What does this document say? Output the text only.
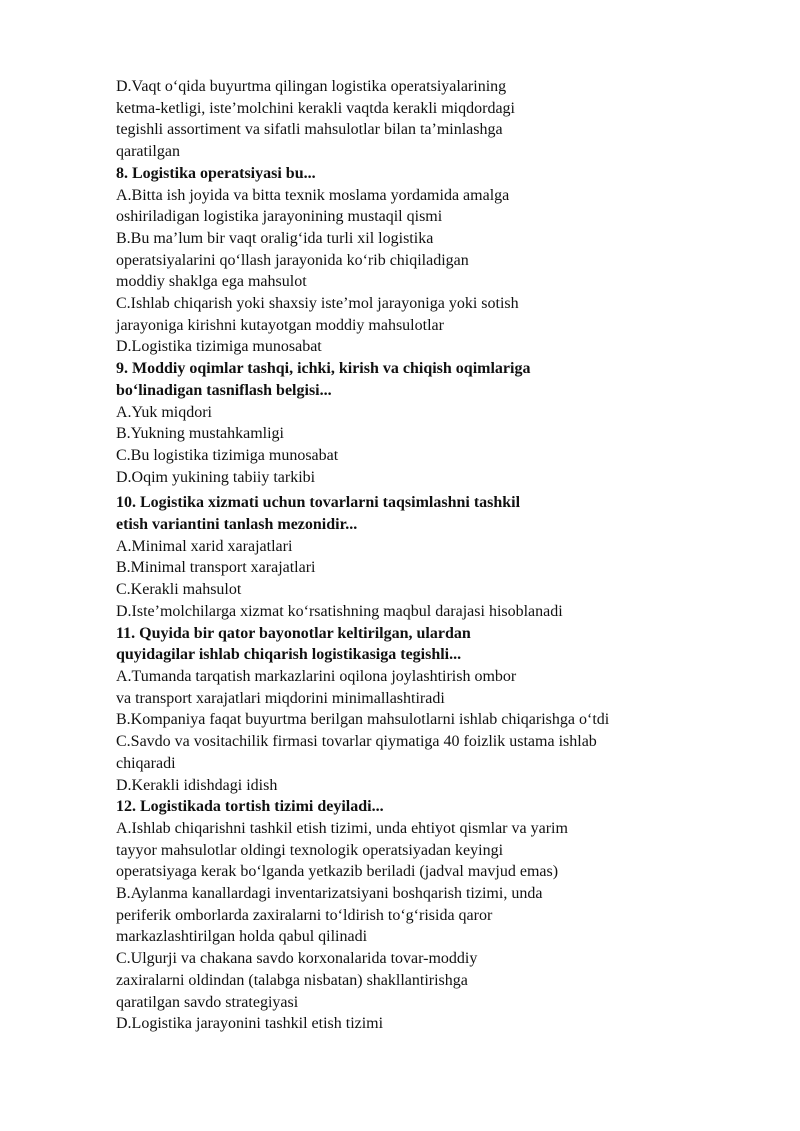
D.Vaqt o‘qida buyurtma qilingan logistika operatsiyalarining
ketma-ketligi, iste’molchini kerakli vaqtda kerakli miqdordagi
tegishli assortiment va sifatli mahsulotlar bilan ta’minlashga
qaratilgan
8. Logistika operatsiyasi bu...
A.Bitta ish joyida va bitta texnik moslama yordamida amalga
oshiriladigan logistika jarayonining mustaqil qismi
B.Bu ma’lum bir vaqt oralig‘ida turli xil logistika
operatsiyalarini qo‘llash jarayonida ko‘rib chiqiladigan
moddiy shaklga ega mahsulot
C.Ishlab chiqarish yoki shaxsiy iste’mol jarayoniga yoki sotish
jarayoniga kirishni kutayotgan moddiy mahsulotlar
D.Logistika tizimiga munosabat
9. Moddiy oqimlar tashqi, ichki, kirish va chiqish oqimlariga
bo‘linadigan tasniflash belgisi...
A.Yuk miqdori
B.Yukning mustahkamligi
C.Bu logistika tizimiga munosabat
D.Oqim yukining tabiiy tarkibi
10. Logistika xizmati uchun tovarlarni taqsimlashni tashkil
etish variantini tanlash mezonidir...
A.Minimal xarid xarajatlari
B.Minimal transport xarajatlari
C.Kerakli mahsulot
D.Iste’molchilarga xizmat ko‘rsatishning maqbul darajasi hisoblanadi
11. Quyida bir qator bayonotlar keltirilgan, ulardan
quyidagilar ishlab chiqarish logistikasiga tegishli...
A.Tumanda tarqatish markazlarini oqilona joylashtirish ombor
va transport xarajatlari miqdorini minimallashtiradi
B.Kompaniya faqat buyurtma berilgan mahsulotlarni ishlab chiqarishga o‘tdi
C.Savdo va vositachilik firmasi tovarlar qiymatiga 40 foizlik ustama ishlab
chiqaradi
D.Kerakli idishdagi idish
12. Logistikada tortish tizimi deyiladi...
A.Ishlab chiqarishni tashkil etish tizimi, unda ehtiyot qismlar va yarim
tayyor mahsulotlar oldingi texnologik operatsiyadan keyingi
operatsiyaga kerak bo‘lganda yetkazib beriladi (jadval mavjud emas)
B.Aylanma kanallardagi inventarizatsiyani boshqarish tizimi, unda
periferik omborlarda zaxiralarni to‘ldirish to‘g‘risida qaror
markazlashtirilgan holda qabul qilinadi
C.Ulgurji va chakana savdo korxonalarida tovar-moddiy
zaxiralarni oldindan (talabga nisbatan) shakllantirishga
qaratilgan savdo strategiyasi
D.Logistika jarayonini tashkil etish tizimi
